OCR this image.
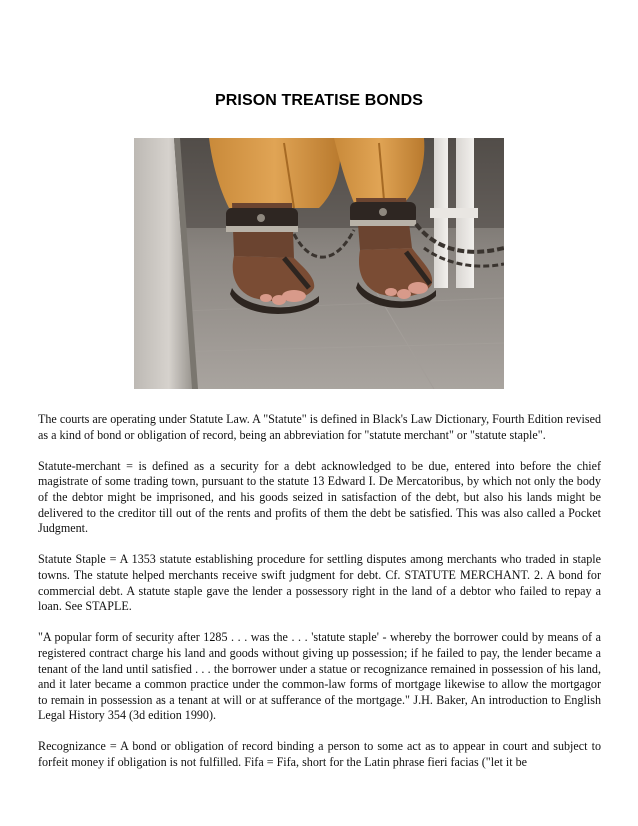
PRISON TREATISE BONDS

The courts are operating under Statute Law. A "Statute" is defined in Black's Law Dictionary, Fourth Edition revised as a kind of bond or obligation of record, being an abbreviation for "statute merchant" or "statute staple".

Statute-merchant = is defined as a security for a debt acknowledged to be due, entered into before the chief magistrate of some trading town, pursuant to the statute 13 Edward I. De Mercatoribus, by which not only the body of the debtor might be imprisoned, and his goods seized in satisfaction of the debt, but also his lands might be delivered to the creditor till out of the rents and profits of them the debt be satisfied. This was also called a Pocket Judgment.

Statute Staple = A 1353 statute establishing procedure for settling disputes among merchants who traded in staple towns. The statute helped merchants receive swift judgment for debt. Cf. STATUTE MERCHANT. 2. A bond for commercial debt. A statute staple gave the lender a possessory right in the land of a debtor who failed to repay a loan. See STAPLE.

"A popular form of security after 1285 . . . was the . . . 'statute staple' - whereby the borrower could by means of a registered contract charge his land and goods without giving up possession; if he failed to pay, the lender became a tenant of the land until satisfied . . . the borrower under a statue or recognizance remained in possession of his land, and it later became a common practice under the common-law forms of mortgage likewise to allow the mortgagor to remain in possession as a tenant at will or at sufferance of the mortgage." J.H. Baker, An introduction to English Legal History 354 (3d edition 1990).

Recognizance = A bond or obligation of record binding a person to some act as to appear in court and subject to forfeit money if obligation is not fulfilled. Fifa = Fifa, short for the Latin phrase fieri facias ("let it be
